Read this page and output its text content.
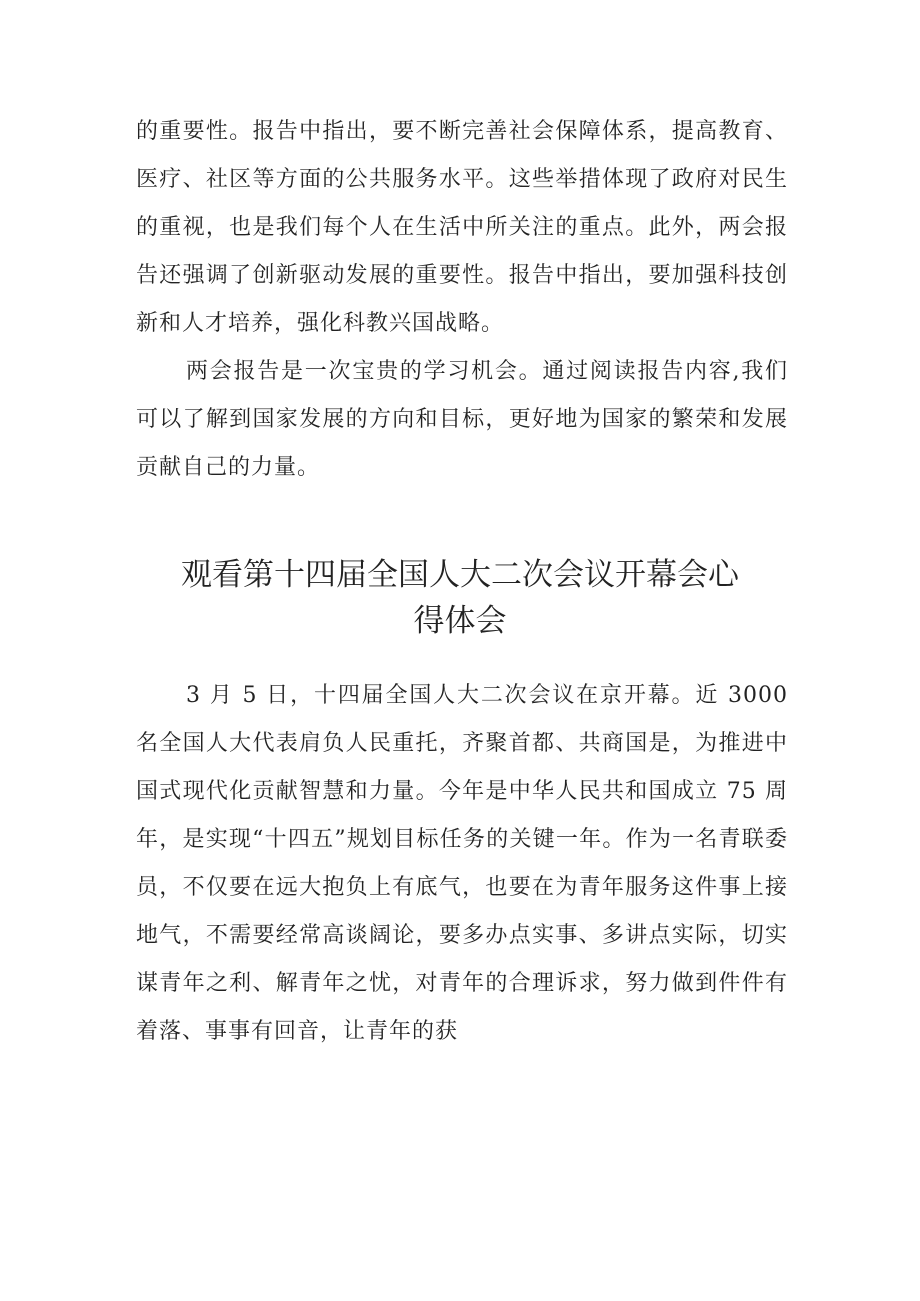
的重要性。报告中指出，要不断完善社会保障体系，提高教育、医疗、社区等方面的公共服务水平。这些举措体现了政府对民生的重视，也是我们每个人在生活中所关注的重点。此外，两会报告还强调了创新驱动发展的重要性。报告中指出，要加强科技创新和人才培养，强化科教兴国战略。

两会报告是一次宝贵的学习机会。通过阅读报告内容,我们可以了解到国家发展的方向和目标，更好地为国家的繁荣和发展贡献自己的力量。

观看第十四届全国人大二次会议开幕会心
得体会

3 月 5 日，十四届全国人大二次会议在京开幕。近 3000 名全国人大代表肩负人民重托，齐聚首都、共商国是，为推进中国式现代化贡献智慧和力量。今年是中华人民共和国成立 75 周年，是实现“十四五”规划目标任务的关键一年。作为一名青联委员，不仅要在远大抱负上有底气，也要在为青年服务这件事上接地气，不需要经常高谈阔论，要多办点实事、多讲点实际，切实谋青年之利、解青年之忧，对青年的合理诉求，努力做到件件有着落、事事有回音，让青年的获
